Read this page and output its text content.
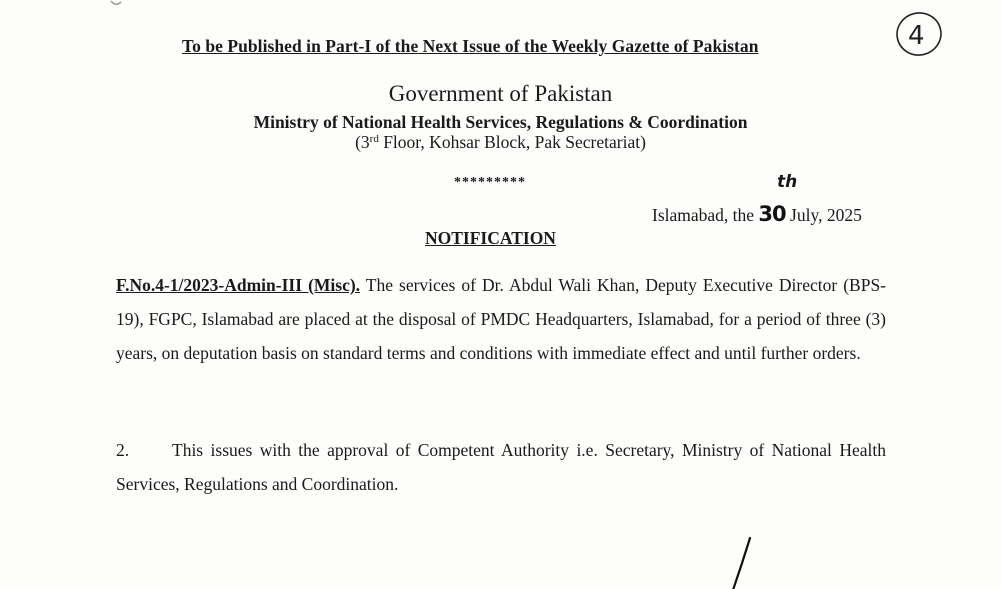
To be Published in Part-I of the Next Issue of the Weekly Gazette of Pakistan	4
Government of Pakistan
Ministry of National Health Services, Regulations & Coordination
(3rd Floor, Kohsar Block, Pak Secretariat)
*********	th
Islamabad, the 30 July, 2025
NOTIFICATION
F.No.4-1/2023-Admin-III (Misc). The services of Dr. Abdul Wali Khan, Deputy Executive Director (BPS-19), FGPC, Islamabad are placed at the disposal of PMDC Headquarters, Islamabad, for a period of three (3) years, on deputation basis on standard terms and conditions with immediate effect and until further orders.
2. This issues with the approval of Competent Authority i.e. Secretary, Ministry of National Health Services, Regulations and Coordination.
